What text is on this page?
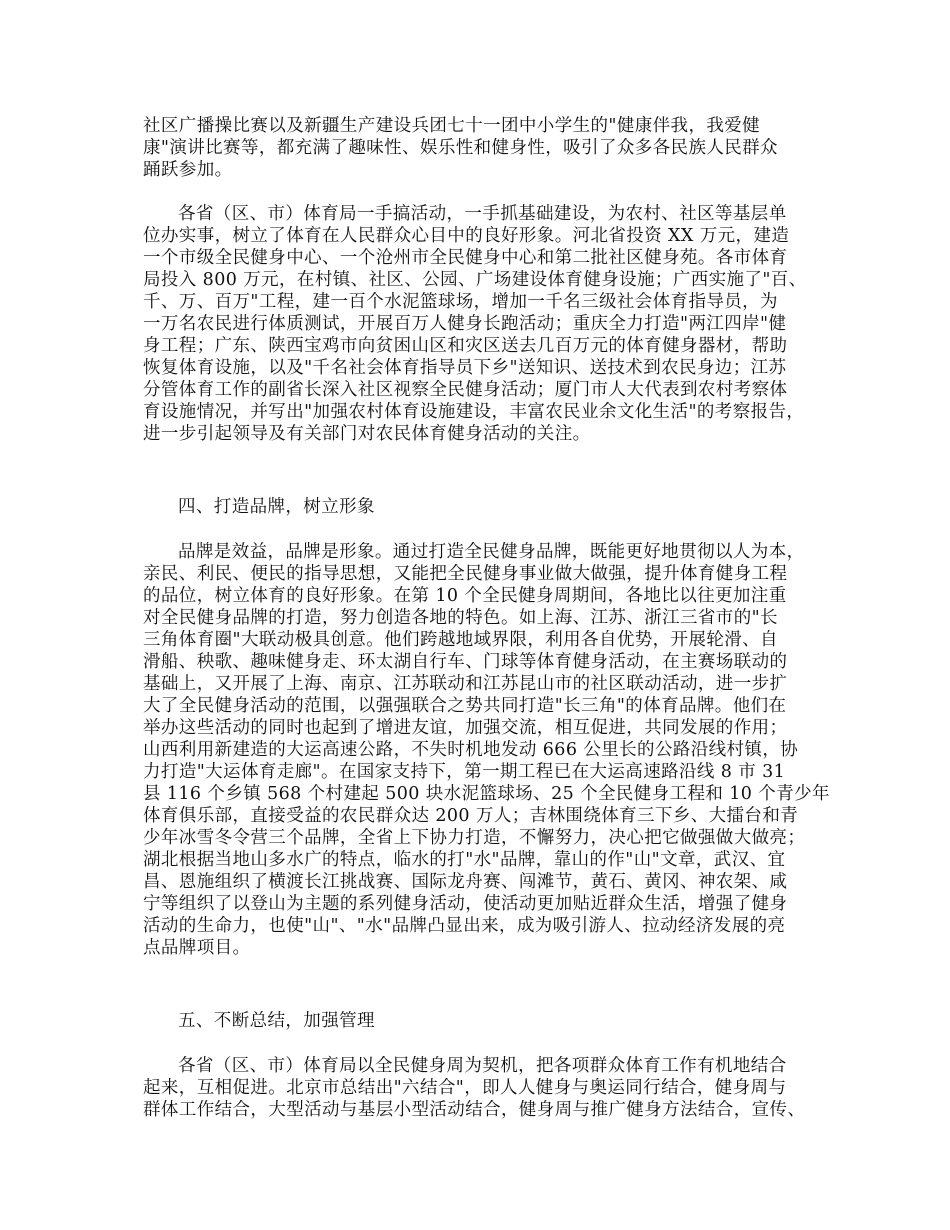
社区广播操比赛以及新疆生产建设兵团七十一团中小学生的"健康伴我，我爱健
康"演讲比赛等，都充满了趣味性、娱乐性和健身性，吸引了众多各民族人民群众
踊跃参加。
各省（区、市）体育局一手搞活动，一手抓基础建设，为农村、社区等基层单
位办实事，树立了体育在人民群众心目中的良好形象。河北省投资 XX 万元，建造
一个市级全民健身中心、一个沧州市全民健身中心和第二批社区健身苑。各市体育
局投入 800 万元，在村镇、社区、公园、广场建设体育健身设施；广西实施了"百、
千、万、百万"工程，建一百个水泥篮球场，增加一千名三级社会体育指导员，为
一万名农民进行体质测试，开展百万人健身长跑活动；重庆全力打造"两江四岸"健
身工程；广东、陕西宝鸡市向贫困山区和灾区送去几百万元的体育健身器材，帮助
恢复体育设施，以及"千名社会体育指导员下乡"送知识、送技术到农民身边；江苏
分管体育工作的副省长深入社区视察全民健身活动；厦门市人大代表到农村考察体
育设施情况，并写出"加强农村体育设施建设，丰富农民业余文化生活"的考察报告，
进一步引起领导及有关部门对农民体育健身活动的关注。
四、打造品牌，树立形象
品牌是效益，品牌是形象。通过打造全民健身品牌，既能更好地贯彻以人为本，
亲民、利民、便民的指导思想，又能把全民健身事业做大做强，提升体育健身工程
的品位，树立体育的良好形象。在第 10 个全民健身周期间，各地比以往更加注重
对全民健身品牌的打造，努力创造各地的特色。如上海、江苏、浙江三省市的"长
三角体育圈"大联动极具创意。他们跨越地域界限，利用各自优势，开展轮滑、自
滑船、秧歌、趣味健身走、环太湖自行车、门球等体育健身活动，在主赛场联动的
基础上，又开展了上海、南京、江苏联动和江苏昆山市的社区联动活动，进一步扩
大了全民健身活动的范围，以强强联合之势共同打造"长三角"的体育品牌。他们在
举办这些活动的同时也起到了增进友谊，加强交流，相互促进，共同发展的作用；
山西利用新建造的大运高速公路，不失时机地发动 666 公里长的公路沿线村镇，协
力打造"大运体育走廊"。在国家支持下，第一期工程已在大运高速路沿线 8 市 31
县 116 个乡镇 568 个村建起 500 块水泥篮球场、25 个全民健身工程和 10 个青少年
体育俱乐部，直接受益的农民群众达 200 万人；吉林围绕体育三下乡、大擂台和青
少年冰雪冬令营三个品牌，全省上下协力打造，不懈努力，决心把它做强做大做亮；
湖北根据当地山多水广的特点，临水的打"水"品牌，靠山的作"山"文章，武汉、宜
昌、恩施组织了横渡长江挑战赛、国际龙舟赛、闯滩节，黄石、黄冈、神农架、咸
宁等组织了以登山为主题的系列健身活动，使活动更加贴近群众生活，增强了健身
活动的生命力，也使"山"、"水"品牌凸显出来，成为吸引游人、拉动经济发展的亮
点品牌项目。
五、不断总结，加强管理
各省（区、市）体育局以全民健身周为契机，把各项群众体育工作有机地结合
起来，互相促进。北京市总结出"六结合"，即人人健身与奥运同行结合，健身周与
群体工作结合，大型活动与基层小型活动结合，健身周与推广健身方法结合，宣传、
